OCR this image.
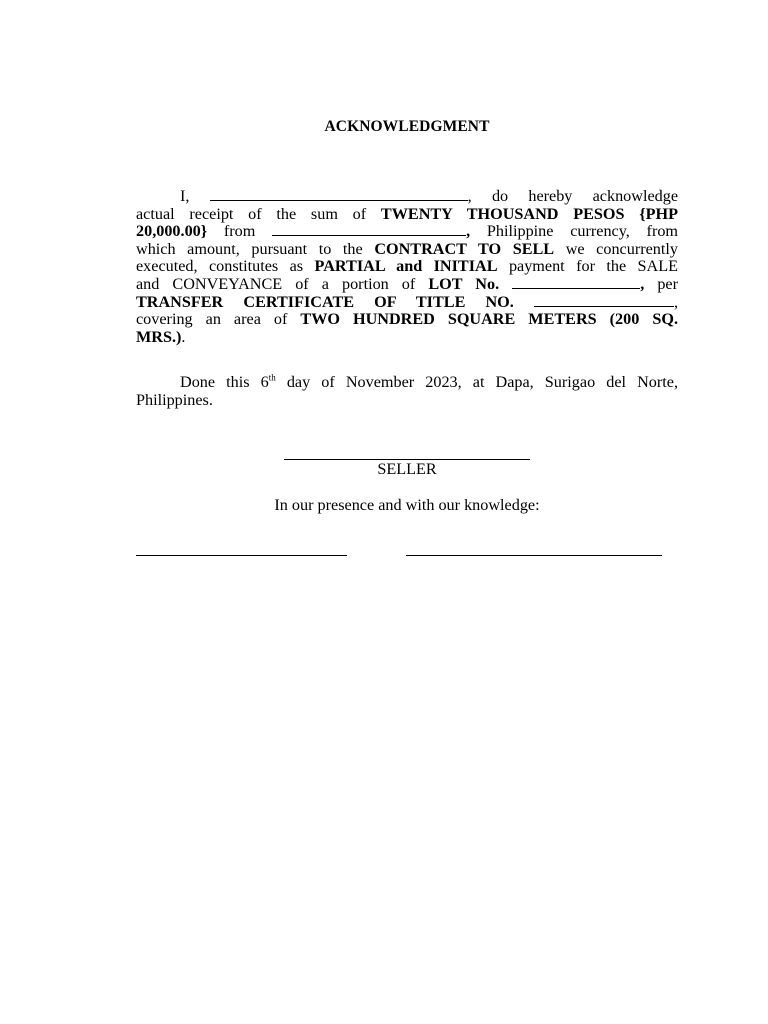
ACKNOWLEDGMENT
I,	, do hereby acknowledge
actual receipt of the sum of TWENTY THOUSAND PESOS {PHP
20,000.00} from	, Philippine currency, from
which amount, pursuant to the CONTRACT TO SELL we concurrently
executed, constitutes as PARTIAL and INITIAL payment for the SALE
and CONVEYANCE of a portion of LOT No.	, per
TRANSFER CERTIFICATE OF TITLE NO.	,
covering an area of TWO HUNDRED SQUARE METERS (200 SQ.
MRS.).
Done this 6th day of November 2023, at Dapa, Surigao del Norte,
Philippines.
SELLER
In our presence and with our knowledge:
